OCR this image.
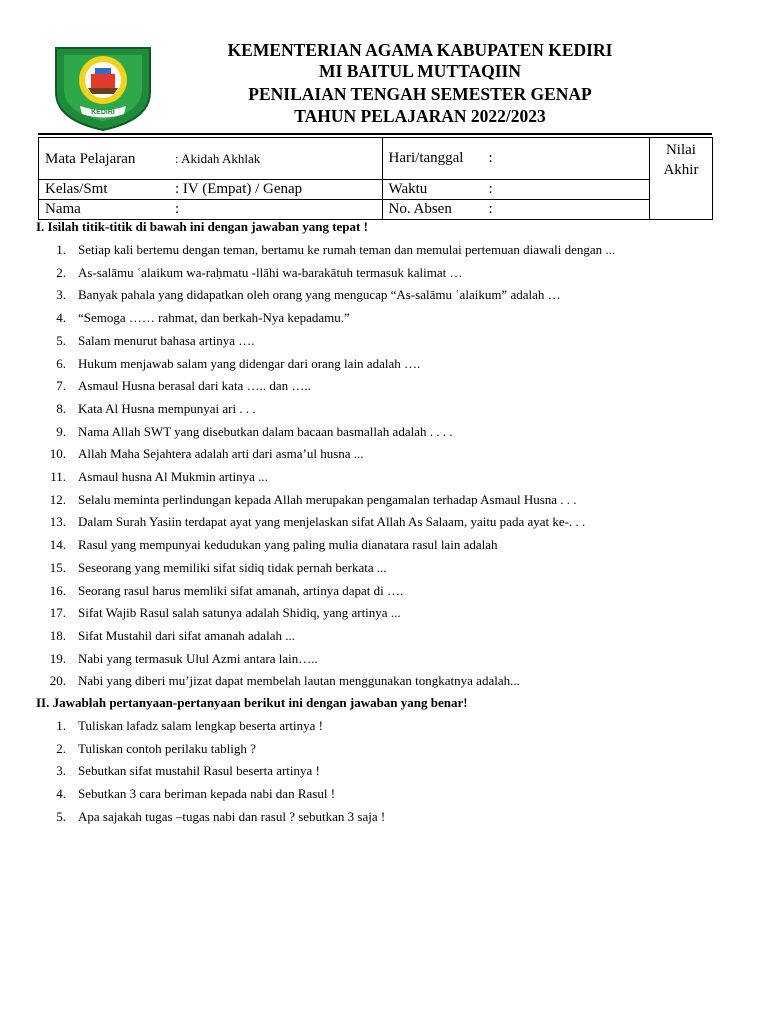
KEDIRI
KEMENTERIAN AGAMA KABUPATEN KEDIRI
MI BAITUL MUTTAQIIN
PENILAIAN TENGAH SEMESTER GENAP
TAHUN PELAJARAN 2022/2023
Mata Pelajaran : Akidah Akhlak	Hari/tanggal :	Nilai Akhir

Kelas/Smt : IV (Empat) / Genap	Waktu :	
Nama :	No. Absen :	
I. Isilah titik-titik di bawah ini dengan jawaban yang tepat !
1. Setiap kali bertemu dengan teman, bertamu ke rumah teman dan memulai pertemuan diawali dengan ...
2. As-salāmu ʿalaikum wa-raḥmatu -llāhi wa-barakātuh termasuk kalimat …
3. Banyak pahala yang didapatkan oleh orang yang mengucap “As-salāmu ʿalaikum” adalah …
4. “Semoga …… rahmat, dan berkah-Nya kepadamu.”
5. Salam menurut bahasa artinya ….
6. Hukum menjawab salam yang didengar dari orang lain adalah ….
7. Asmaul Husna berasal dari kata ….. dan …..
8. Kata Al Husna mempunyai ari . . .
9. Nama Allah SWT yang disebutkan dalam bacaan basmallah adalah . . . .
10. Allah Maha Sejahtera adalah arti dari asma’ul husna ...
11. Asmaul husna Al Mukmin artinya ...
12. Selalu meminta perlindungan kepada Allah merupakan pengamalan terhadap Asmaul Husna . . .
13. Dalam Surah Yasiin terdapat ayat yang menjelaskan sifat Allah As Salaam, yaitu pada ayat ke-. . .
14. Rasul yang mempunyai kedudukan yang paling mulia dianatara rasul lain adalah
15. Seseorang yang memiliki sifat sidiq tidak pernah berkata ...
16. Seorang rasul harus memliki sifat amanah, artinya dapat di ….
17. Sifat Wajib Rasul salah satunya adalah Shidiq, yang artinya ...
18. Sifat Mustahil dari sifat amanah adalah ...
19. Nabi yang termasuk Ulul Azmi antara lain…..
20. Nabi yang diberi mu’jizat dapat membelah lautan menggunakan tongkatnya adalah...
II. Jawablah pertanyaan-pertanyaan berikut ini dengan jawaban yang benar!
1. Tuliskan lafadz salam lengkap beserta artinya !
2. Tuliskan contoh perilaku tabligh ?
3. Sebutkan sifat mustahil Rasul beserta artinya !
4. Sebutkan 3 cara beriman kepada nabi dan Rasul !
5. Apa sajakah tugas –tugas nabi dan rasul ? sebutkan 3 saja !
